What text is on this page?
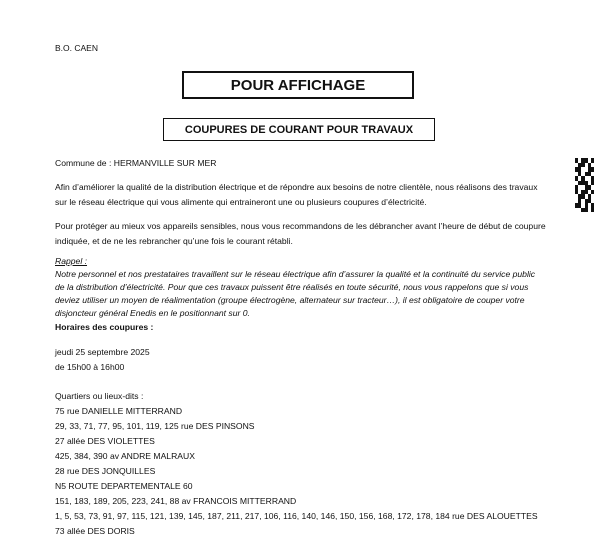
B.O. CAEN
POUR AFFICHAGE
COUPURES DE COURANT POUR TRAVAUX
Commune de : HERMANVILLE SUR MER
Afin d’améliorer la qualité de la distribution électrique et de répondre aux besoins de notre clientèle, nous réalisons des travaux
sur le réseau électrique qui vous alimente qui entraineront une ou plusieurs coupures d’électricité.
Pour protéger au mieux vos appareils sensibles, nous vous recommandons de les débrancher avant l’heure de début de coupure
indiquée, et de ne les rebrancher qu’une fois le courant rétabli.
Rappel :
Notre personnel et nos prestataires travaillent sur le réseau électrique afin d’assurer la qualité et la continuité du service public
de la distribution d’électricité. Pour que ces travaux puissent être réalisés en toute sécurité, nous vous rappelons que si vous
deviez utiliser un moyen de réalimentation (groupe électrogène, alternateur sur tracteur…), il est obligatoire de couper votre
disjoncteur général Enedis en le positionnant sur 0.
Horaires des coupures :
jeudi 25 septembre 2025
de 15h00 à 16h00
Quartiers ou lieux-dits :
75 rue DANIELLE MITTERRAND
29, 33, 71, 77, 95, 101, 119, 125 rue DES PINSONS
27 allée DES VIOLETTES
425, 384, 390 av ANDRE MALRAUX
28 rue DES JONQUILLES
N5 ROUTE DEPARTEMENTALE 60
151, 183, 189, 205, 223, 241, 88 av FRANCOIS MITTERRAND
1, 5, 53, 73, 91, 97, 115, 121, 139, 145, 187, 211, 217, 106, 116, 140, 146, 150, 156, 168, 172, 178, 184 rue DES ALOUETTES
73 allée DES DORIS
